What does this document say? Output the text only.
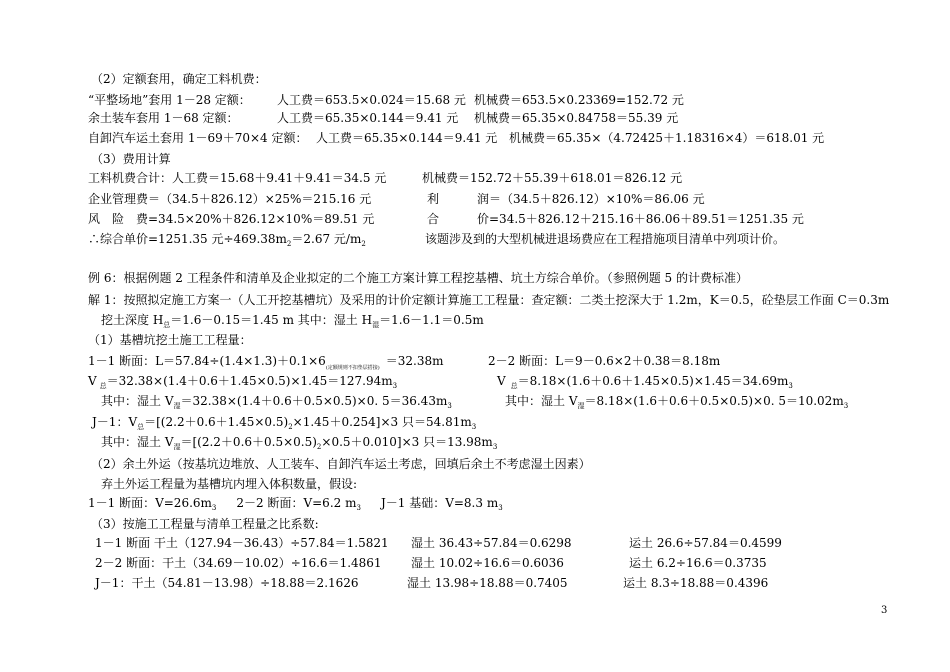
（2）定额套用，确定工料机费：
“平整场地”套用 1－28 定额： 人工费＝653.5×0.024＝15.68 元 机械费＝653.5×0.23369=152.72 元
余土装车套用 1－68 定额：	人工费＝65.35×0.144＝9.41 元 机械费＝65.35×0.84758＝55.39 元
自卸汽车运土套用 1－69＋70×4 定额： 人工费＝65.35×0.144＝9.41 元 机械费＝65.35×（4.72425＋1.18316×4）＝618.01 元
（3）费用计算
工料机费合计：人工费＝15.68＋9.41＋9.41＝34.5 元	机械费＝152.72＋55.39＋618.01＝826.12 元
企业管理费＝（34.5＋826.12）×25%＝215.16 元	利	润＝（34.5＋826.12）×10%＝86.06 元
风　险　费=34.5×20%＋826.12×10%＝89.51 元	合	价=34.5＋826.12＋215.16＋86.06＋89.51＝1251.35 元
∴综合单价=1251.35 元$\div 469.38m_2=2.67$ 元$/m_2$	该题涉及到的大型机械进退场费应在工程措施项目清单中列项计价。
例 6：根据例题 2 工程条件和清单及企业拟定的二个施工方案计算工程挖基槽、坑土方综合单价。（参照例题 5 的计费标准）
解 1：按照拟定施工方案一（人工开挖基槽坑）及采用的计价定额计算施工工程量：查定额：二类土挖深大于 1.2m，K＝0.5，砼垫层工作面 C＝0.3m
挖土深度 $H_总=1.6-0.15=1.45$ m 其中：湿土 $H_湿=1.6-1.1=0.5m$
（1）基槽坑挖土施工工程量：
1－1 断面：$L=57.84\div(1.4\times 1.3)+0.1\times 6_{(定额规则不扣垫层搭接)} =32.38m$	2－2 断面：L＝9－0.6×2＋0.38＝8.18m
V $_总=32.38\times(1.4+0.6+1.45\times 0.5)\times 1.45=127.94m_3$	V $_总=8.18\times(1.6+0.6+1.45\times 0.5)\times 1.45=34.69m_3$
其中：湿土 $V_湿=32.38\times(1.4+0.6+0.5\times 0.5)\times 0$. $5=36.43m_3$	其中：湿土 $V_湿=8.18\times(1.6+0.6+0.5\times 0.5)\times 0$. $5=10.02m_3$
J－1：$V_总=[(2.2+0.6+1.45\times 0.5)_2\times 1.45+0.254]\times 3$ 只$=54.81m_3$
其中：湿土 $V_湿=[(2.2+0.6+0.5\times 0.5)_2\times 0.5+0.010]\times 3$ 只$=13.98m_3$
（2）余土外运（按基坑边堆放、人工装车、自卸汽车运土考虑，回填后余土不考虑湿土因素）
弃土外运工程量为基槽坑内埋入体积数量，假设:
1－1 断面：$V=26.6m_3$ 2－2 断面：V=6.2 $m_3$ J－1 基础：V=8.3 $m_3$
（3）按施工工程量与清单工程量之比系数:
1－1 断面 干土（127.94－36.43）÷57.84＝1.5821 湿土 36.43÷57.84＝0.6298	运土 26.6÷57.84＝0.4599
2－2 断面：干土（34.69－10.02）÷16.6＝1.4861 湿土 10.02÷16.6＝0.6036	运土 6.2÷16.6＝0.3735
J－1：干土（54.81－13.98）÷18.88＝2.1626	湿土 13.98÷18.88＝0.7405	运土 8.3÷18.88＝0.4396
3
